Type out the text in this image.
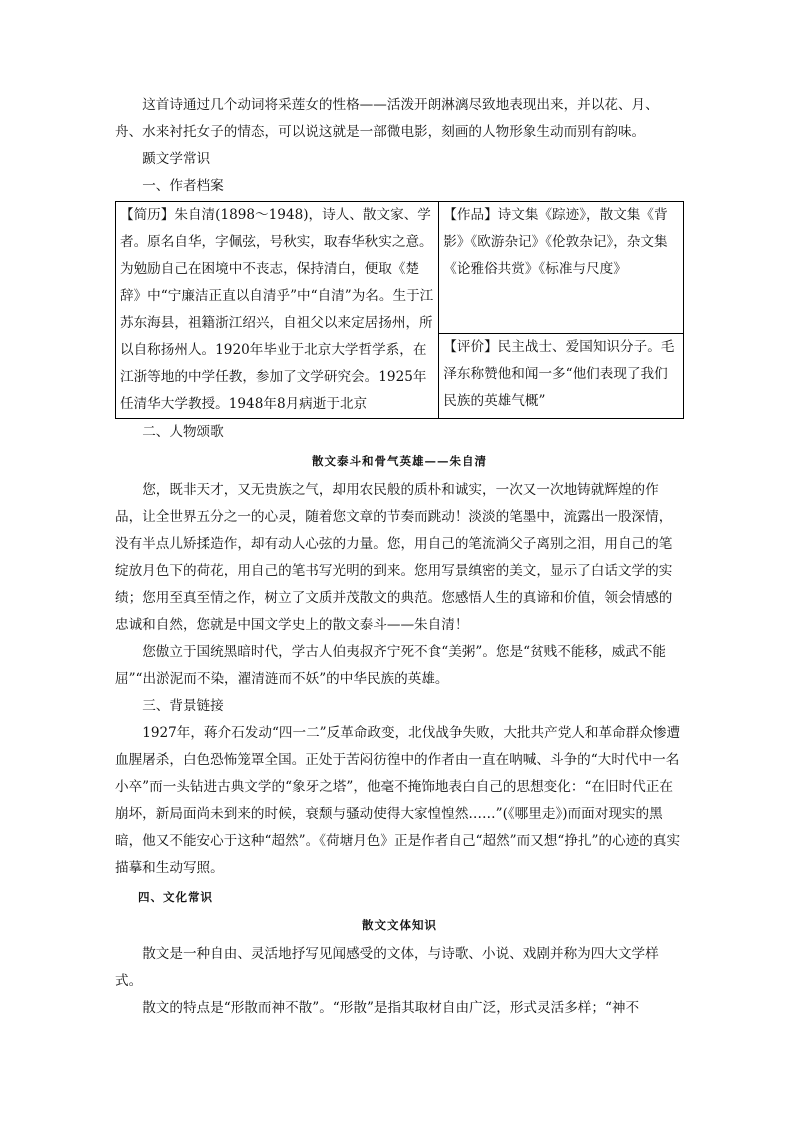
这首诗通过几个动词将采莲女的性格——活泼开朗淋漓尽致地表现出来，并以花、月、舟、水来衬托女子的情态，可以说这就是一部微电影，刻画的人物形象生动而别有韵味。

踬文学常识

一、作者档案

【简历】朱自清(1898～1948)，诗人、散文家、学者。原名自华，字佩弦，号秋实，取春华秋实之意。为勉励自己在困境中不丧志，保持清白，便取《楚辞》中“宁廉洁正直以自清乎”中“自清”为名。生于江苏东海县，祖籍浙江绍兴，自祖父以来定居扬州，所以自称扬州人。1920年毕业于北京大学哲学系，在江浙等地的中学任教，参加了文学研究会。1925年任清华大学教授。1948年8月病逝于北京	【作品】诗文集《踪迹》，散文集《背影》《欧游杂记》《伦敦杂记》，杂文集《论雅俗共赏》《标准与尺度》
【评价】民主战士、爱国知识分子。毛泽东称赞他和闻一多“他们表现了我们民族的英雄气概”

二、人物颂歌

散文泰斗和骨气英雄——朱自清

您，既非天才，又无贵族之气，却用农民般的质朴和诚实，一次又一次地铸就辉煌的作品，让全世界五分之一的心灵，随着您文章的节奏而跳动！淡淡的笔墨中，流露出一股深情，没有半点儿矫揉造作，却有动人心弦的力量。您，用自己的笔流淌父子离别之泪，用自己的笔绽放月色下的荷花，用自己的笔书写光明的到来。您用写景缜密的美文，显示了白话文学的实绩；您用至真至情之作，树立了文质并茂散文的典范。您感悟人生的真谛和价值，领会情感的忠诚和自然，您就是中国文学史上的散文泰斗——朱自清！

您傲立于国统黑暗时代，学古人伯夷叔齐宁死不食“美粥”。您是“贫贱不能移，威武不能屈”“出淤泥而不染，濯清涟而不妖”的中华民族的英雄。

三、背景链接

1927年，蒋介石发动“四一二”反革命政变，北伐战争失败，大批共产党人和革命群众惨遭血腥屠杀，白色恐怖笼罩全国。正处于苦闷彷徨中的作者由一直在呐喊、斗争的“大时代中一名小卒”而一头钻进古典文学的“象牙之塔”，他毫不掩饰地表白自己的思想变化：“在旧时代正在崩坏，新局面尚未到来的时候，衰颓与骚动使得大家惶惶然……”(《哪里走》)而面对现实的黑暗，他又不能安心于这种“超然”。《荷塘月色》正是作者自己“超然”而又想“挣扎”的心迹的真实描摹和生动写照。

四、文化常识

散文文体知识

散文是一种自由、灵活地抒写见闻感受的文体，与诗歌、小说、戏剧并称为四大文学样式。

散文的特点是“形散而神不散”。“形散”是指其取材自由广泛，形式灵活多样；“神不
